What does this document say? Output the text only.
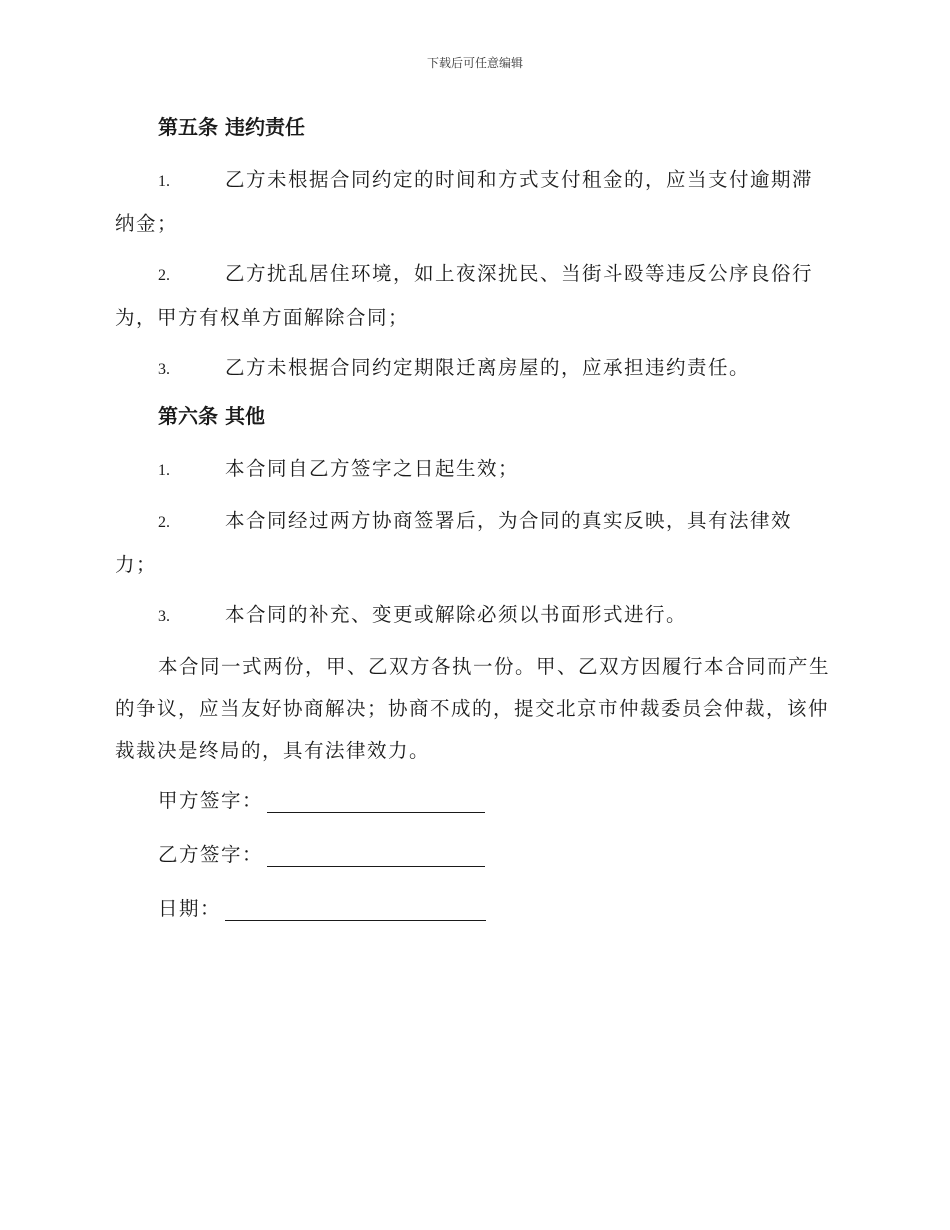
下载后可任意编辑
第五条 违约责任
1.	乙方未根据合同约定的时间和方式支付租金的，应当支付逾期滞纳金；
2.	乙方扰乱居住环境，如上夜深扰民、当街斗殴等违反公序良俗行为，甲方有权单方面解除合同；
3.	乙方未根据合同约定期限迁离房屋的，应承担违约责任。
第六条 其他
1.	本合同自乙方签字之日起生效；
2.	本合同经过两方协商签署后，为合同的真实反映，具有法律效力；
3.	本合同的补充、变更或解除必须以书面形式进行。
本合同一式两份，甲、乙双方各执一份。甲、乙双方因履行本合同而产生的争议，应当友好协商解决；协商不成的，提交北京市仲裁委员会仲裁，该仲裁裁决是终局的，具有法律效力。
甲方签字：
乙方签字：
日期：
